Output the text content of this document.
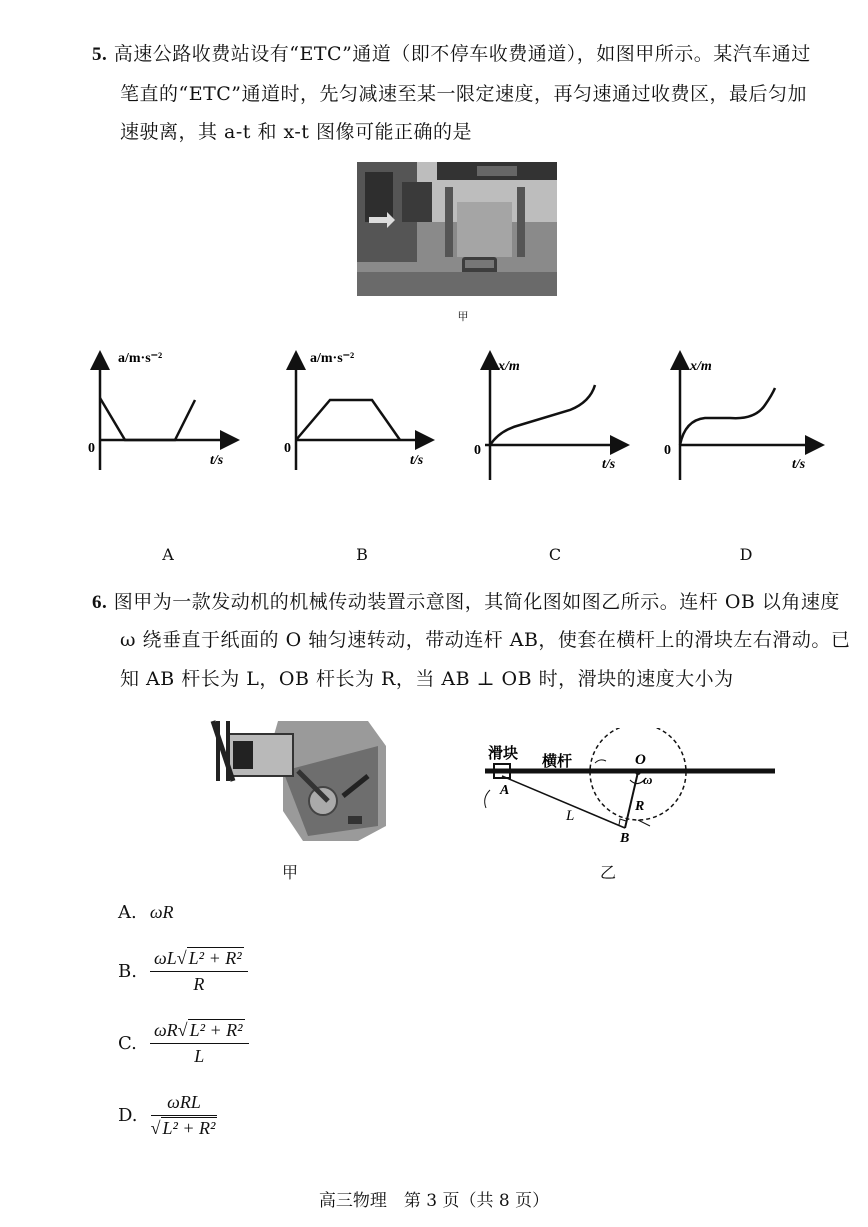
5. 高速公路收费站设有“ETC”通道（即不停车收费通道），如图甲所示。某汽车通过
笔直的“ETC”通道时，先匀减速至某一限定速度，再匀速通过收费区，最后匀加
速驶离，其 a-t 和 x-t 图像可能正确的是
甲
a/m·s⁻²
0
t/s
a/m·s⁻²
0
t/s
x/m
0
t/s
x/m
0
t/s
A	B	C	D
6. 图甲为一款发动机的机械传动装置示意图，其简化图如图乙所示。连杆 OB 以角速度
ω 绕垂直于纸面的 O 轴匀速转动，带动连杆 AB，使套在横杆上的滑块左右滑动。已
知 AB 杆长为 L，OB 杆长为 R，当 AB ⊥ OB 时，滑块的速度大小为
甲
滑块 横杆	O
ω
A
B
L
R
乙
A. ωR
B. $\frac{\text{ωL√ L² + R²}}{R}$
C. $\frac{\text{ωR√ L² + R²}}{L}$
D. $\frac{\text{ωRL}}{\text{√ L² + R²}}$
高三物理　第 3 页（共 8 页）
